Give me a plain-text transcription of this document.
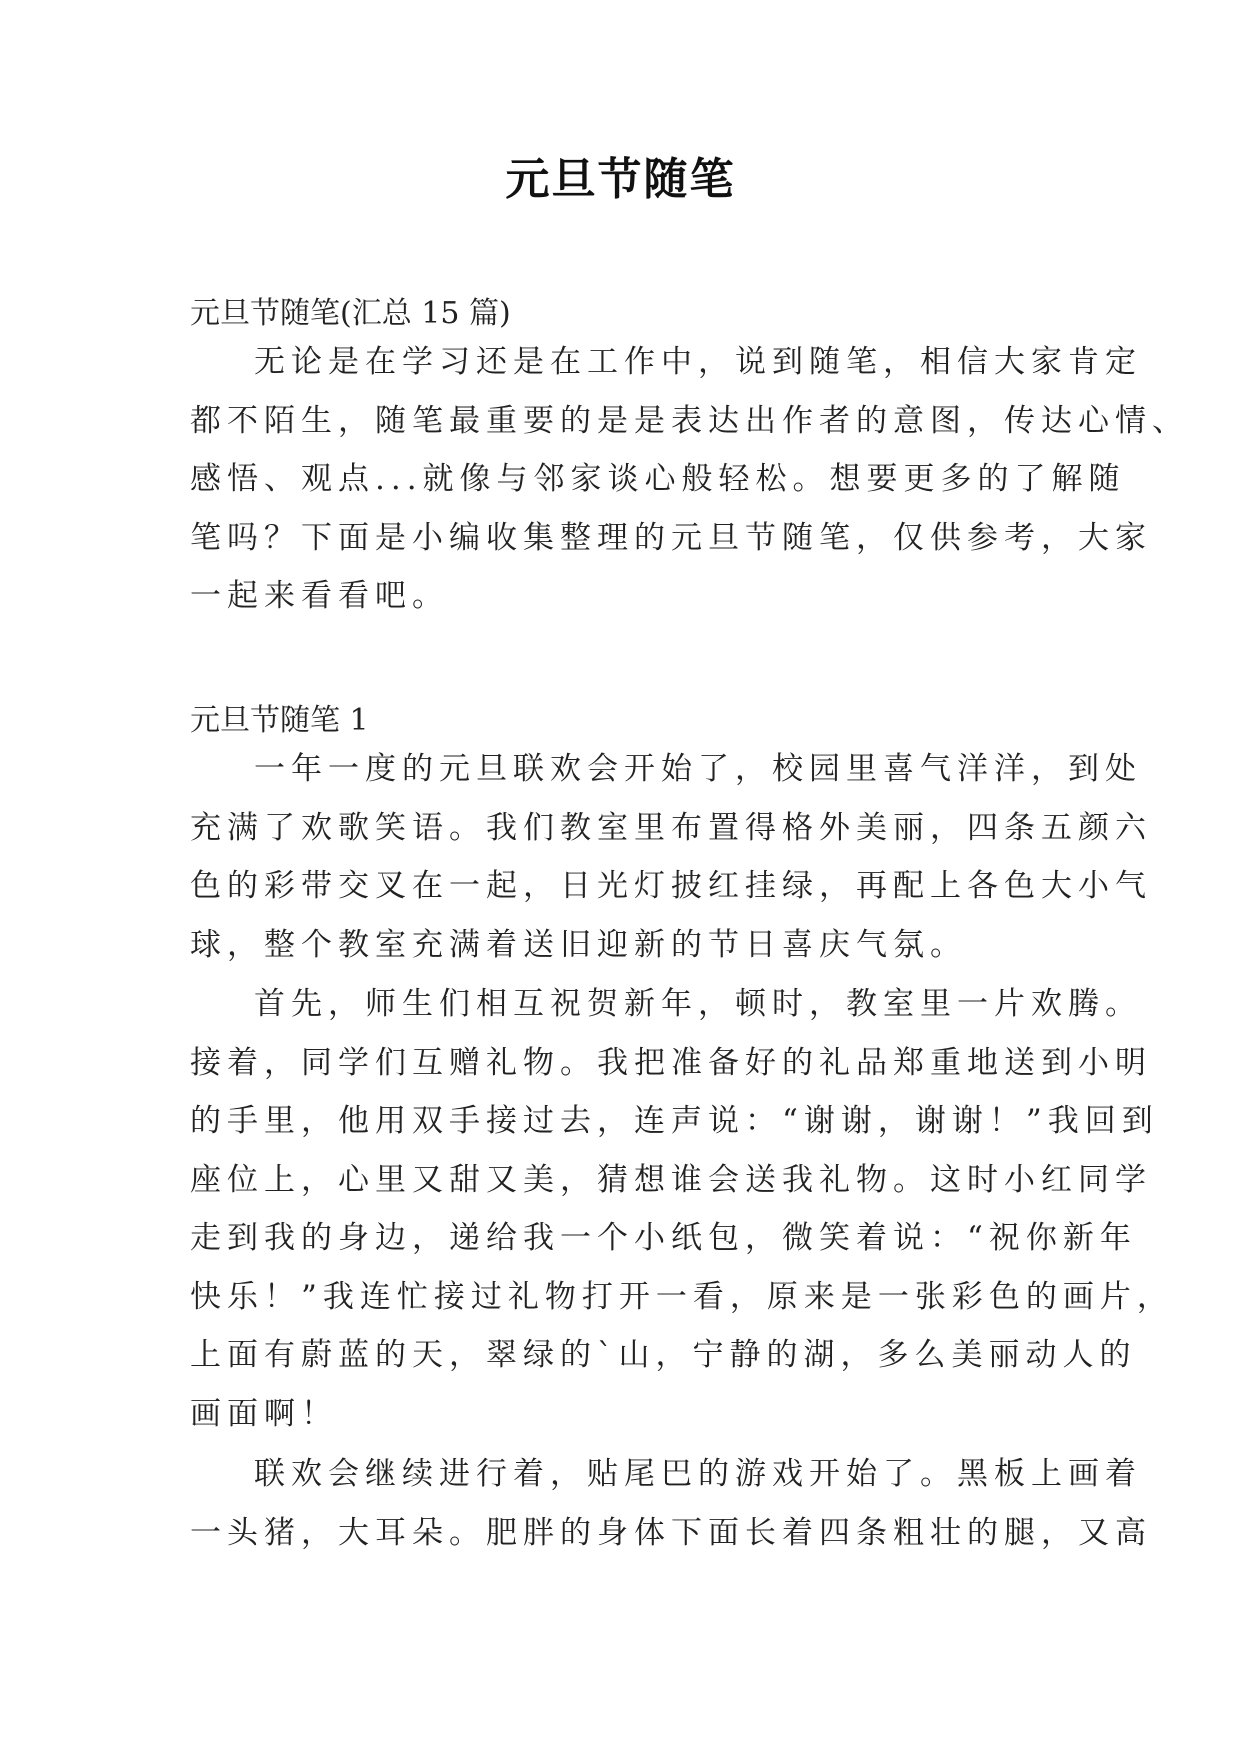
元旦节随笔
元旦节随笔(汇总 15 篇)
无论是在学习还是在工作中，说到随笔，相信大家肯定
都不陌生，随笔最重要的是是表达出作者的意图，传达心情、
感悟、观点...就像与邻家谈心般轻松。想要更多的了解随
笔吗？下面是小编收集整理的元旦节随笔，仅供参考，大家
一起来看看吧。
元旦节随笔 1
一年一度的元旦联欢会开始了，校园里喜气洋洋，到处
充满了欢歌笑语。我们教室里布置得格外美丽，四条五颜六
色的彩带交叉在一起，日光灯披红挂绿，再配上各色大小气
球，整个教室充满着送旧迎新的节日喜庆气氛。
首先，师生们相互祝贺新年，顿时，教室里一片欢腾。
接着，同学们互赠礼物。我把准备好的礼品郑重地送到小明
的手里，他用双手接过去，连声说：“谢谢，谢谢！”我回到
座位上，心里又甜又美，猜想谁会送我礼物。这时小红同学
走到我的身边，递给我一个小纸包，微笑着说：“祝你新年
快乐！”我连忙接过礼物打开一看，原来是一张彩色的画片，
上面有蔚蓝的天，翠绿的`山，宁静的湖，多么美丽动人的
画面啊！
联欢会继续进行着，贴尾巴的游戏开始了。黑板上画着
一头猪，大耳朵。肥胖的身体下面长着四条粗壮的腿，又高
